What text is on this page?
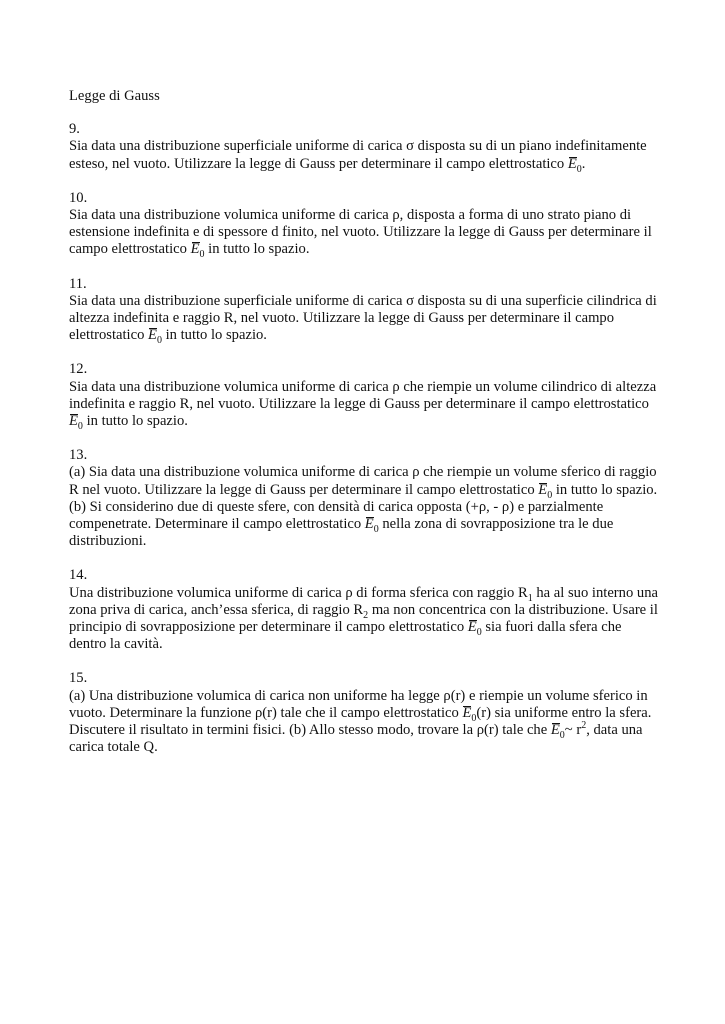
Legge di Gauss

9.
Sia data una distribuzione superficiale uniforme di carica σ disposta su di un piano indefinitamente esteso, nel vuoto. Utilizzare la legge di Gauss per determinare il campo elettrostatico $E_0$.
10.
Sia data una distribuzione volumica uniforme di carica ρ, disposta a forma di uno strato piano di estensione indefinita e di spessore d finito, nel vuoto. Utilizzare la legge di Gauss per determinare il campo elettrostatico $E_0$ in tutto lo spazio.
11.
Sia data una distribuzione superficiale uniforme di carica σ disposta su di una superficie cilindrica di altezza indefinita e raggio R, nel vuoto. Utilizzare la legge di Gauss per determinare il campo elettrostatico $E_0$ in tutto lo spazio.
12.
Sia data una distribuzione volumica uniforme di carica ρ che riempie un volume cilindrico di altezza indefinita e raggio R, nel vuoto. Utilizzare la legge di Gauss per determinare il campo elettrostatico $E_0$ in tutto lo spazio.
13.
(a) Sia data una distribuzione volumica uniforme di carica ρ che riempie un volume sferico di raggio R nel vuoto. Utilizzare la legge di Gauss per determinare il campo elettrostatico $E_0$ in tutto lo spazio. (b) Si considerino due di queste sfere, con densità di carica opposta (+ρ, - ρ) e parzialmente compenetrate. Determinare il campo elettrostatico $E_0$ nella zona di sovrapposizione tra le due distribuzioni.
14.
Una distribuzione volumica uniforme di carica ρ di forma sferica con raggio $R_1$ ha al suo interno una zona priva di carica, anch’essa sferica, di raggio $R_2$ ma non concentrica con la distribuzione. Usare il principio di sovrapposizione per determinare il campo elettrostatico $E_0$ sia fuori dalla sfera che dentro la cavità.
15.
(a) Una distribuzione volumica di carica non uniforme ha legge ρ(r) e riempie un volume sferico in vuoto. Determinare la funzione ρ(r) tale che il campo elettrostatico $E_0(r)$ sia uniforme entro la sfera. Discutere il risultato in termini fisici. (b) Allo stesso modo, trovare la ρ(r) tale che $E_0\sim$ $r^2$, data una carica totale Q.
